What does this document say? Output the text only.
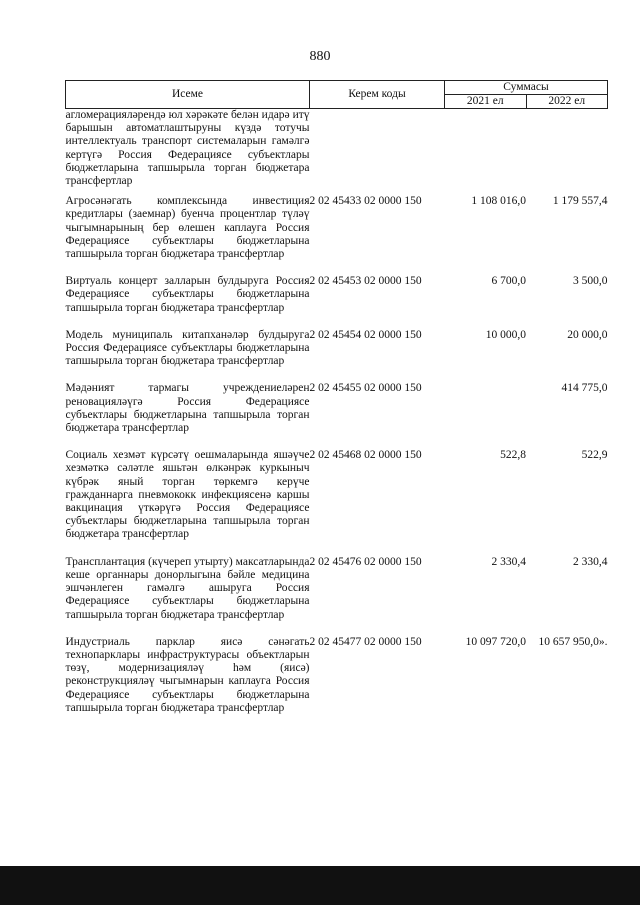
880
Исеме	Керем коды	Суммасы	
		2021 ел	2022 ел
агломерацияләрендә юл хәрәкәте белән идарә итү барышын автоматлаштыруны күздә тотучы интеллектуаль транспорт системаларын гамәлгә кертүгә Россия Федерациясе субъектлары бюджетларына тапшырыла торган бюджетара трансфертлар			
Агросәнәгать комплексында инвестиция кредитлары (заемнар) буенча процентлар түләү чыгымнарының бер өлешен каплауга Россия Федерациясе субъектлары бюджетларына тапшырыла торган бюджетара трансфертлар	2 02 45433 02 0000 150	1 108 016,0	1 179 557,4
Виртуаль концерт залларын булдыруга Россия Федерациясе субъектлары бюджетларына тапшырыла торган бюджетара трансфертлар	2 02 45453 02 0000 150	6 700,0	3 500,0
Модель муниципаль китапханәләр булдыруга Россия Федерациясе субъектлары бюджетларына тапшырыла торган бюджетара трансфертлар	2 02 45454 02 0000 150	10 000,0	20 000,0
Мәдәният тармагы учреждениеләрен реновацияләүгә Россия Федерациясе субъектлары бюджетларына тапшырыла торган бюджетара трансфертлар	2 02 45455 02 0000 150		414 775,0
Социаль хезмәт күрсәтү оешмаларында яшәүче хезмәткә сәләтле яшьтән өлкәнрәк куркыныч күбрәк яный торган төркемгә керүче гражданнарга пневмококк инфекциясенә каршы вакцинация үткәрүгә Россия Федерациясе субъектлары бюджетларына тапшырыла торган бюджетара трансфертлар	2 02 45468 02 0000 150	522,8	522,9
Трансплантация (күчереп утырту) максатларында кеше органнары донорлыгына бәйле медицина эшчәнлеген гамәлгә ашыруга Россия Федерациясе субъектлары бюджетларына тапшырыла торган бюджетара трансфертлар	2 02 45476 02 0000 150	2 330,4	2 330,4
Индустриаль парклар яисә сәнәгать технопарклары инфраструктурасы объектларын төзү, модернизацияләү һәм (яисә) реконструкцияләү чыгымнарын каплауга Россия Федерациясе субъектлары бюджетларына тапшырыла торган бюджетара трансфертлар	2 02 45477 02 0000 150	10 097 720,0	10 657 950,0».
